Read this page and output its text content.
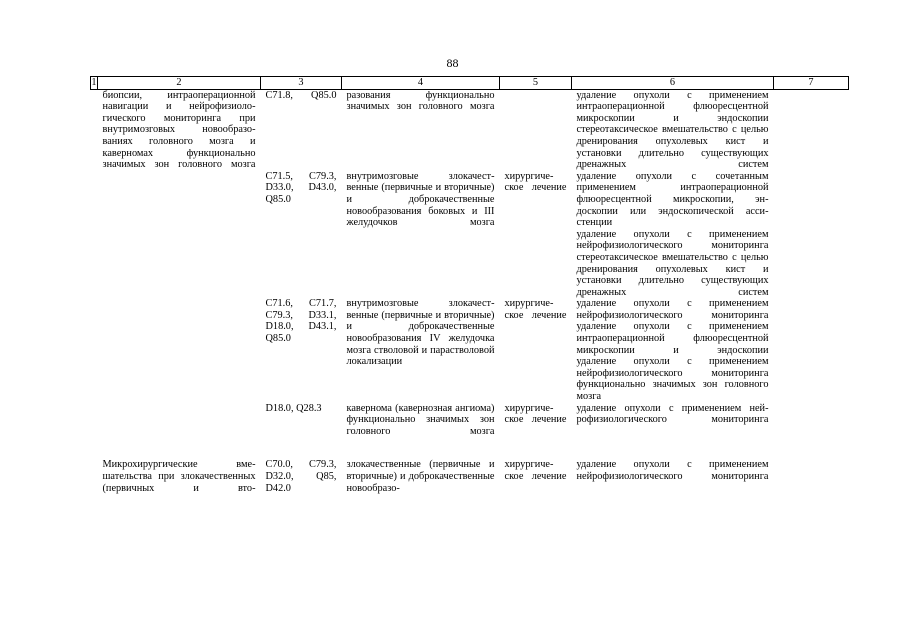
88
1	2	3	4	5	6	7
	биопсии, интраоперационной навигации и нейрофизиологического мониторинга при внутримозговых новообразованиях головного мозга и каверномах функционально значимых зон головного мозга	C71.8, Q85.0	разования функционально значимых зон головного мозга		удаление опухоли с применением интраоперационной флюоресцентной микроскопии и эндоскопии
стереотаксическое вмешательство с целью дренирования опухолевых кист и установки длительно существующих дренажных систем	

		C71.5, C79.3, D33.0, D43.0, Q85.0	внутримозговые злокачественные (первичные и вторичные) и доброкачественные новообразования боковых и III желудочков мозга	хирургическое лечение	удаление опухоли с сочетанным применением интраоперационной флюоресцентной микроскопии, эндоскопии или эндоскопической ассистенции
удаление опухоли с применением нейрофизиологического мониторинга
стереотаксическое вмешательство с целью дренирования опухолевых кист и установки длительно существующих дренажных систем	

		C71.6, C71.7, C79.3, D33.1, D18.0, D43.1, Q85.0	внутримозговые злокачественные (первичные и вторичные) и доброкачественные новообразования IV желудочка мозга стволовой и парастволовой локализации	хирургическое лечение	удаление опухоли с применением нейрофизиологического мониторинга
удаление опухоли с применением интраоперационной флюоресцентной микроскопии и эндоскопии
удаление опухоли с применением нейрофизиологического мониторинга функционально значимых зон головного мозга	

		D18.0, Q28.3	каверномa (кавернозная ангиома) функционально значимых зон головного мозга	хирургическое лечение	удаление опухоли с применением нейрофизиологического мониторинга	

	Микрохирургические вмешательства при злокачественных (первичных и вто-	C70.0, C79.3, D32.0, Q85, D42.0	злокачественные (первичные и вторичные) и доброкачественные новообразо-	хирургическое лечение	удаление опухоли с применением нейрофизиологического мониторинга	
